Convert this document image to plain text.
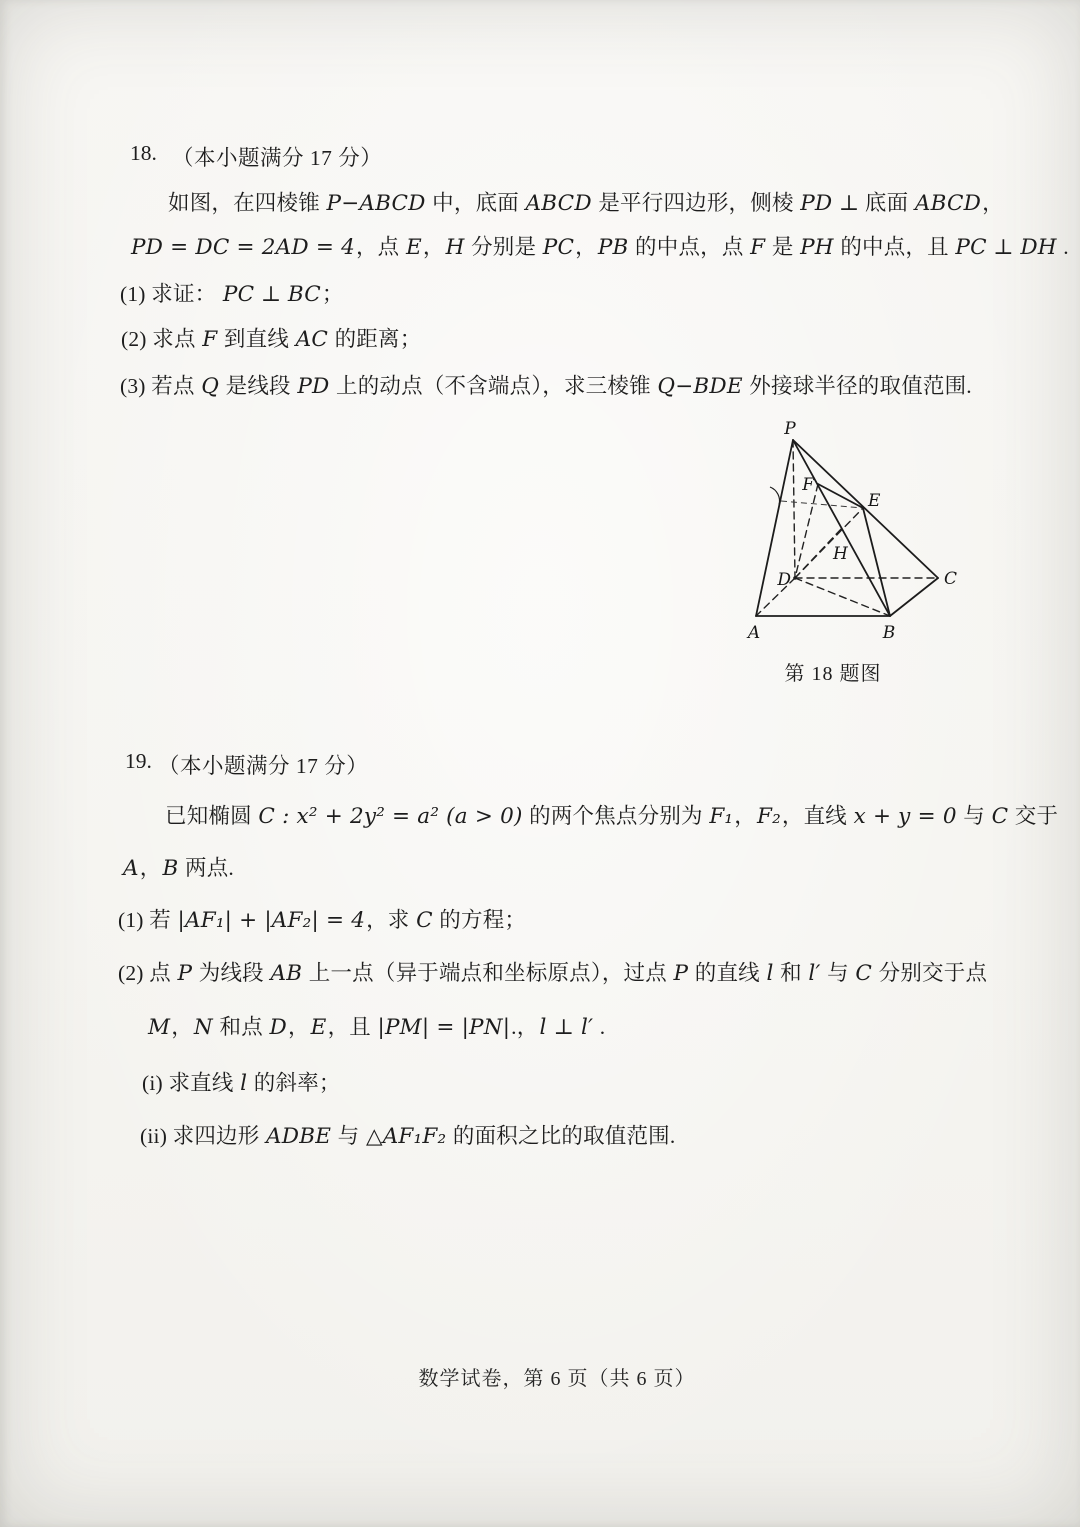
18. （本小题满分 17 分）
如图，在四棱锥 P−ABCD 中，底面 ABCD 是平行四边形，侧棱 PD ⊥ 底面 ABCD，
PD = DC = 2AD = 4，点 E，H 分别是 PC，PB 的中点，点 F 是 PH 的中点，且 PC ⊥ DH .
(1) 求证： PC ⊥ BC；
(2) 求点 F 到直线 AC 的距离；
(3) 若点 Q 是线段 PD 上的动点（不含端点），求三棱锥 Q−BDE 外接球半径的取值范围.
P
A	B
C
D
E
F
H
第 18 题图
19. （本小题满分 17 分）
已知椭圆 C : x² + 2y² = a² (a > 0) 的两个焦点分别为 F₁，F₂，直线 x + y = 0 与 C 交于
A，B 两点.
(1) 若 |AF₁| + |AF₂| = 4，求 C 的方程；
(2) 点 P 为线段 AB 上一点（异于端点和坐标原点），过点 P 的直线 l 和 l′ 与 C 分别交于点
M，N 和点 D，E，且 |PM| = |PN|.，l ⊥ l′ .
(i) 求直线 l 的斜率；
(ii) 求四边形 ADBE 与 △AF₁F₂ 的面积之比的取值范围.
数学试卷，第 6 页（共 6 页）
